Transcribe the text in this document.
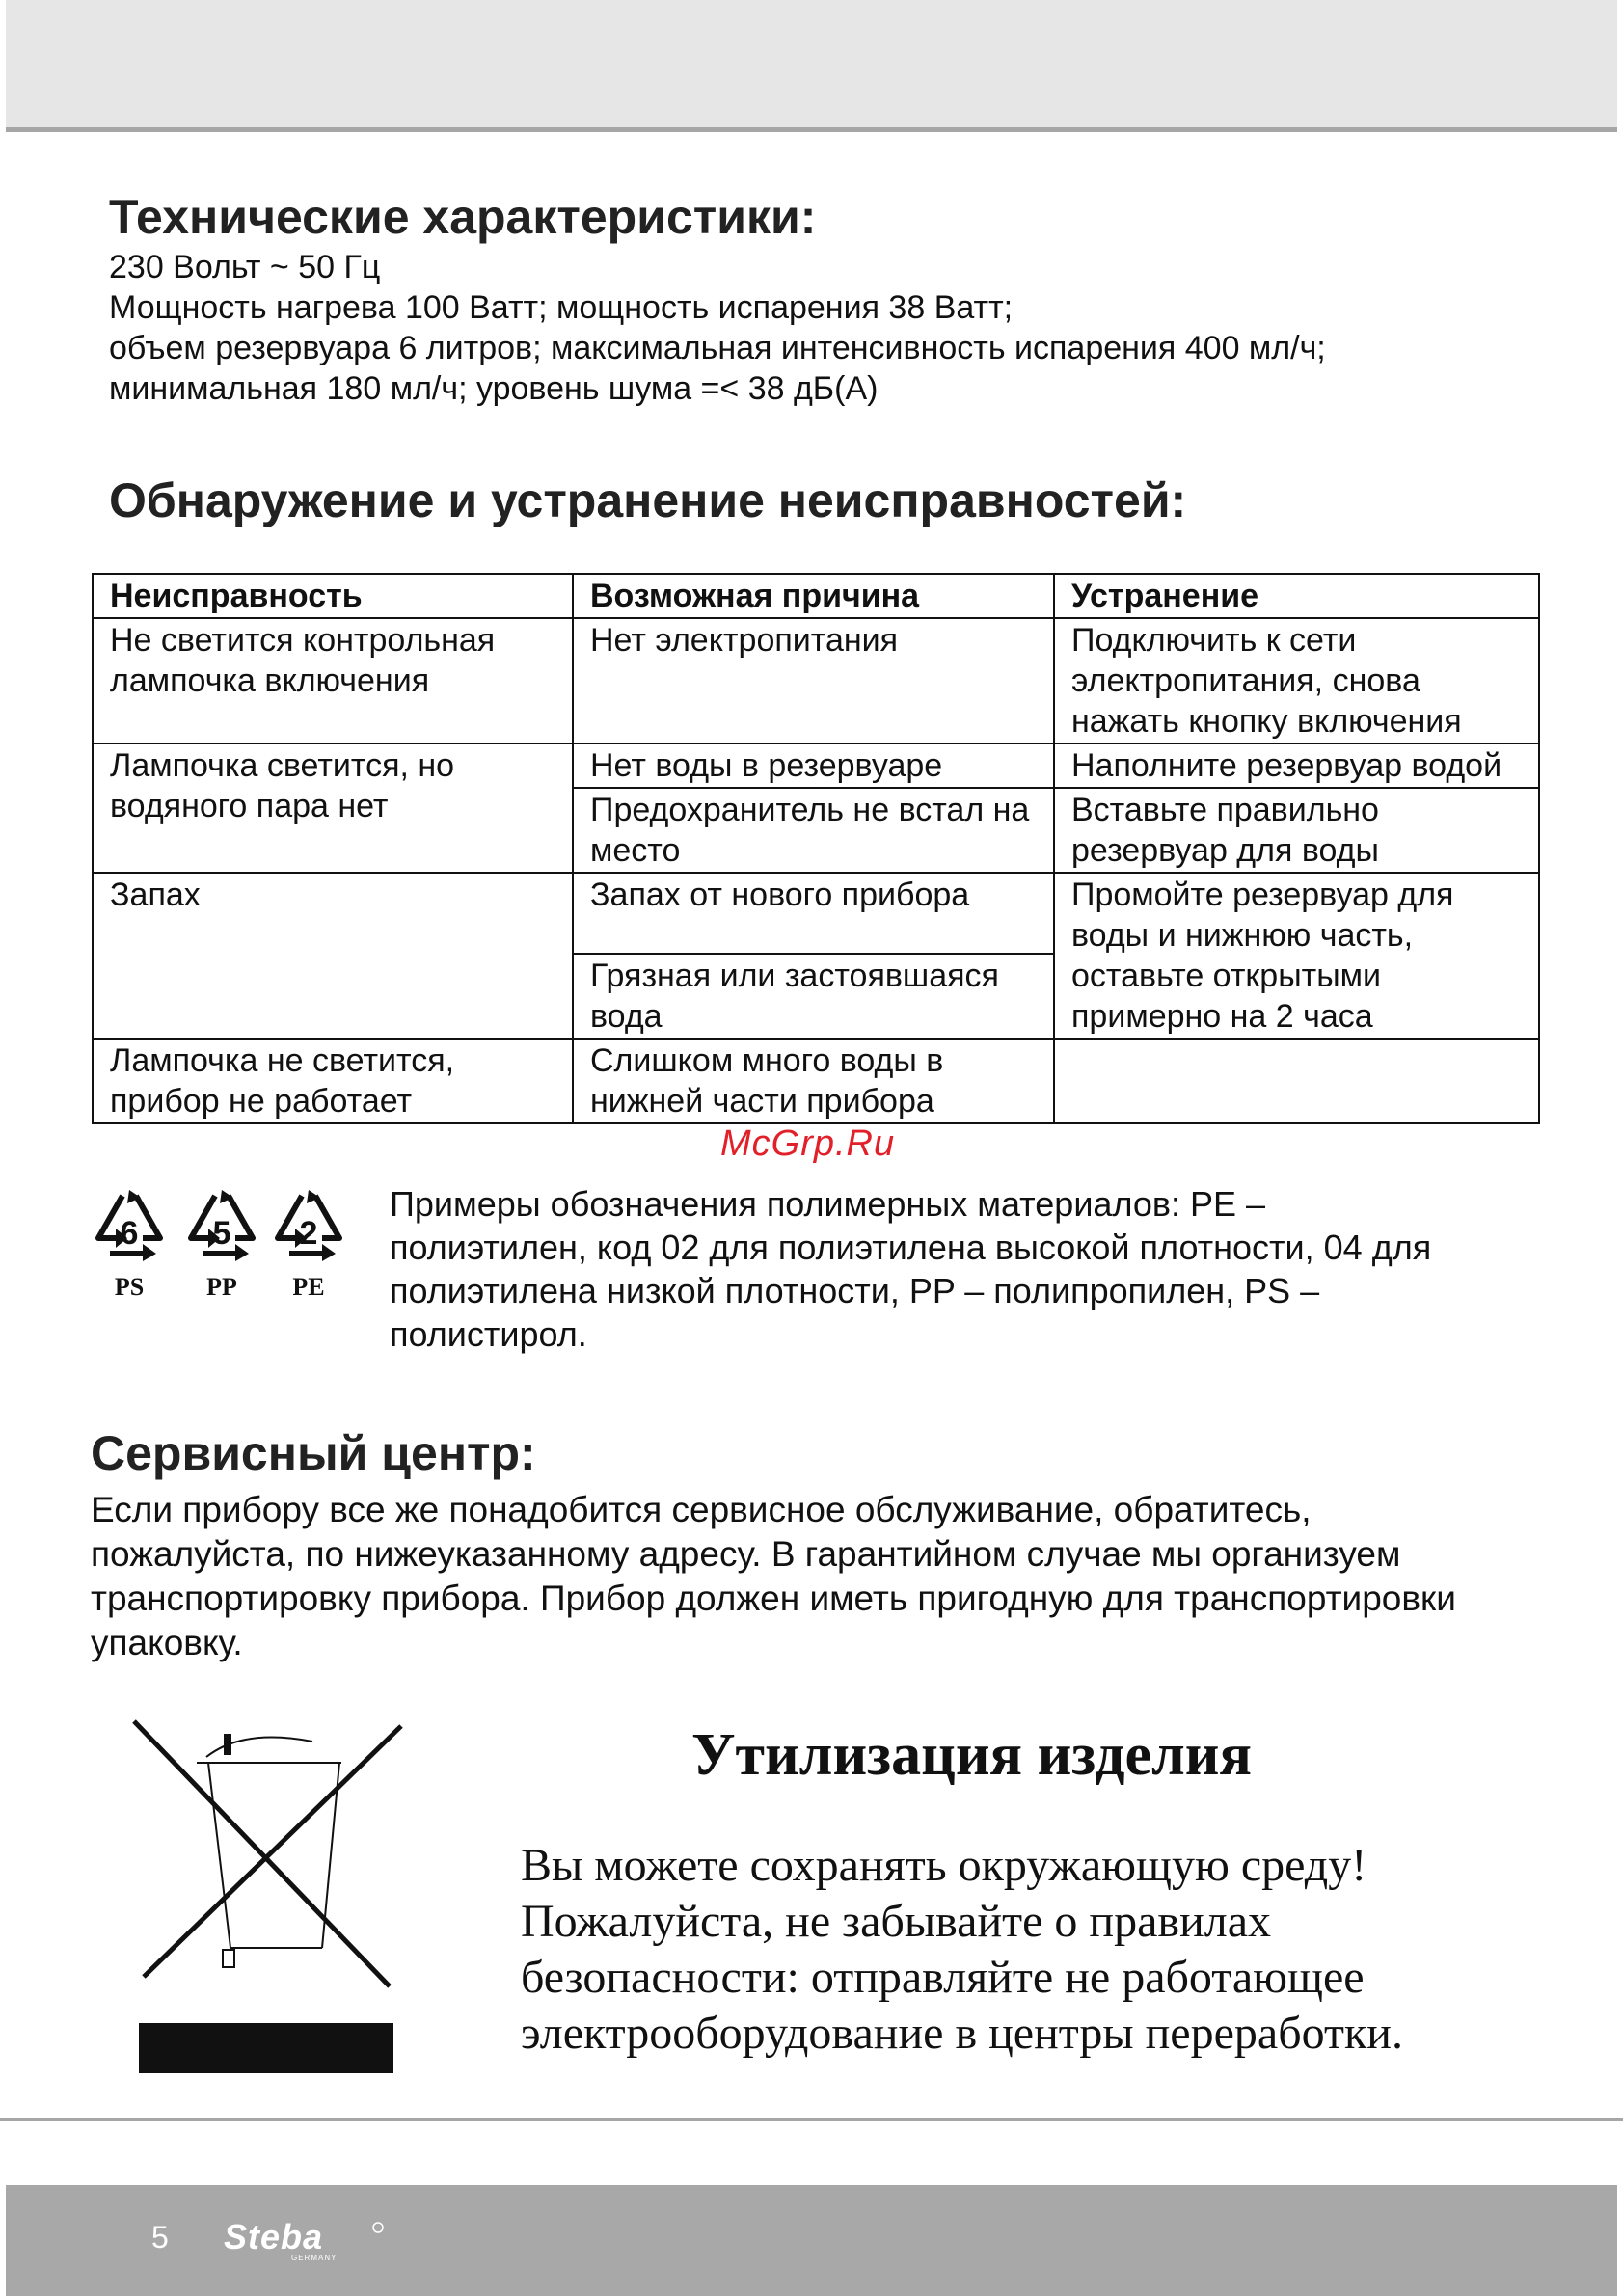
Технические характеристики:
230 Вольт ~ 50 Гц
Мощность нагрева 100 Ватт; мощность испарения 38 Ватт;
объем резервуара 6 литров; максимальная интенсивность испарения 400 мл/ч;
минимальная 180 мл/ч; уровень шума =< 38 дБ(А)
Обнаружение и устранение неисправностей:
Неисправность	Возможная причина	Устранение
Не светится контрольная лампочка включения	Нет электропитания	Подключить к сети электропитания, снова нажать кнопку включения
Лампочка светится, но водяного пара нет	Нет воды в резервуаре	Наполните резервуар водой
	Предохранитель не встал на место	Вставьте правильно резервуар для воды
Запах	Запах от нового прибора	Промойте резервуар для воды и нижнюю часть, оставьте открытыми примерно на 2 часа
	Грязная или застоявшаяся вода	
Лампочка не светится, прибор не работает	Слишком много воды в нижней части прибора	
McGrp.Ru
6
PS
5
PP
2
PE
Примеры обозначения полимерных материалов: PE –
полиэтилен, код 02 для полиэтилена высокой плотности, 04 для
полиэтилена низкой плотности, PP – полипропилен, PS –
полистирол.
Сервисный центр:
Если прибору все же понадобится сервисное обслуживание, обратитесь,
пожалуйста, по нижеуказанному адресу. В гарантийном случае мы организуем
транспортировку прибора. Прибор должен иметь пригодную для транспортировки
упаковку.
Утилизация изделия
Вы можете сохранять окружающую среду!
Пожалуйста, не забывайте о правилах
безопасности: отправляйте не работающее
электрооборудование в центры переработки.
5 Steba
GERMANY
